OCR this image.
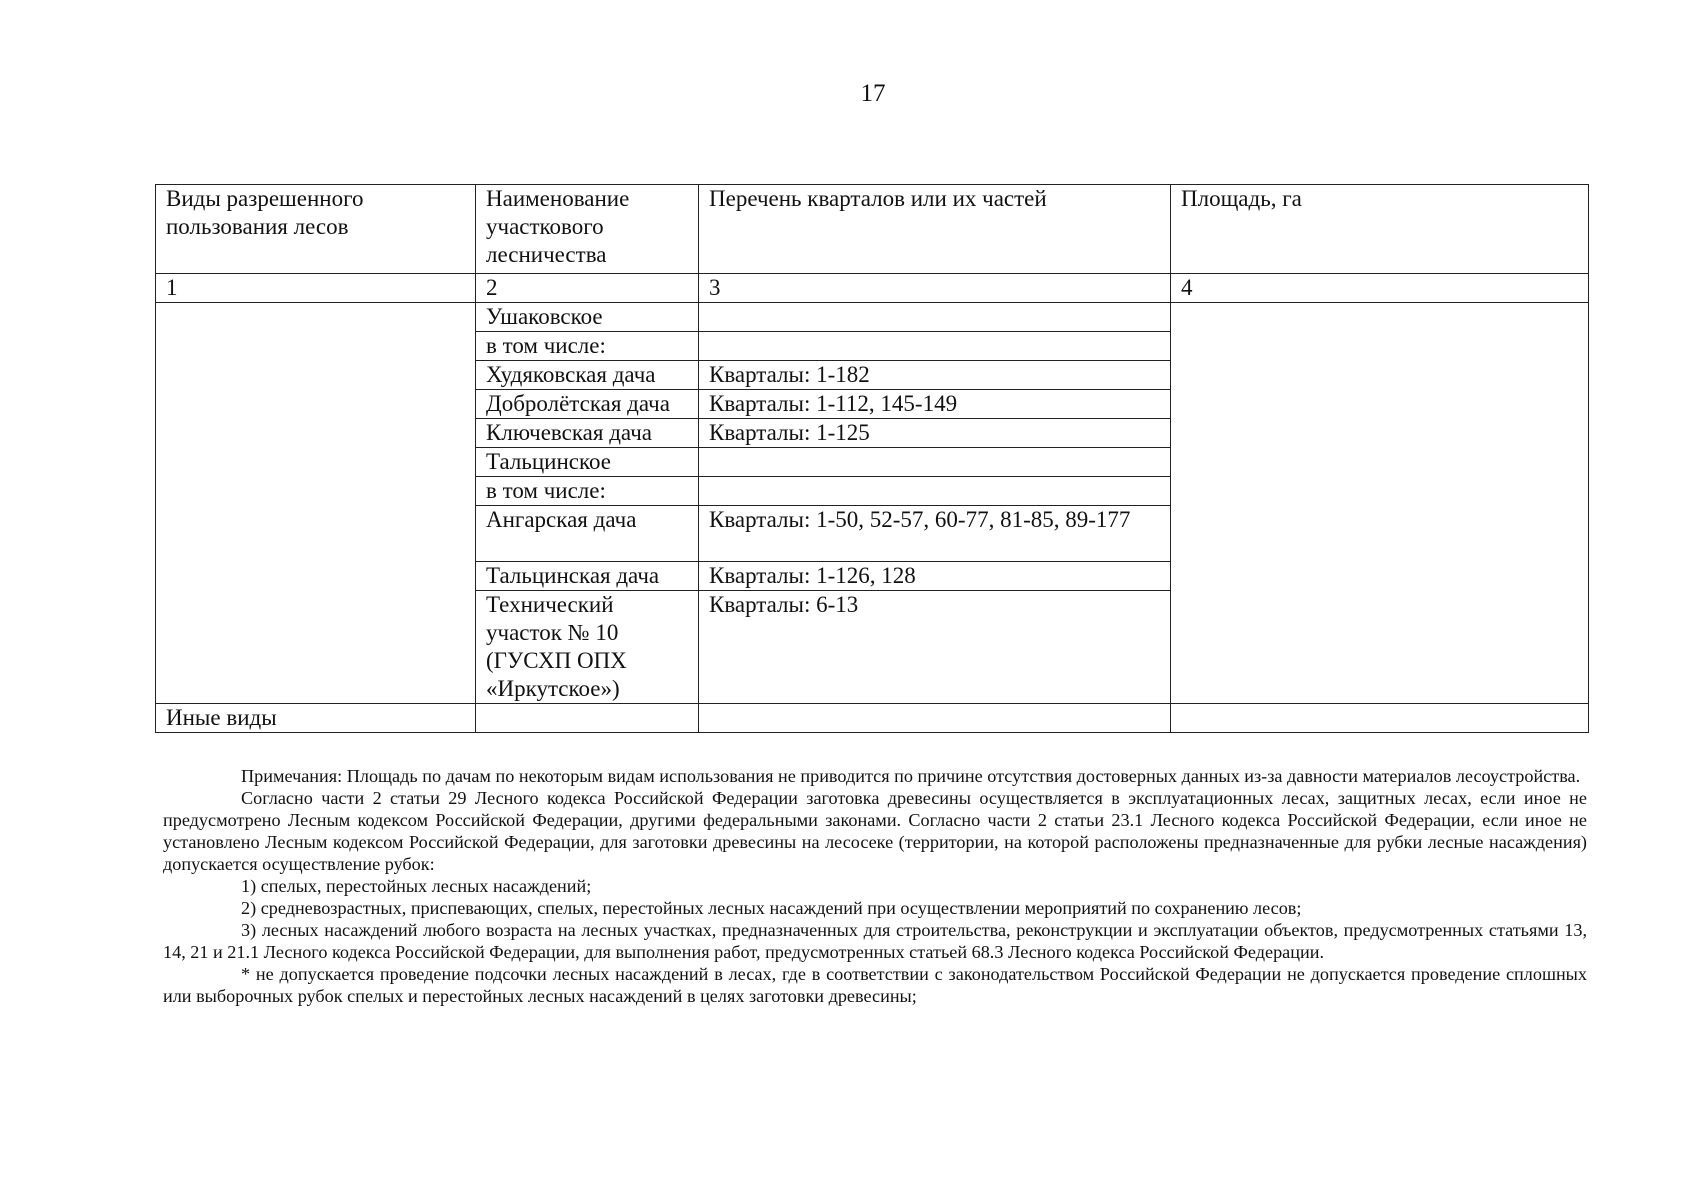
17
Виды разрешенного пользования лесов	Наименование участкового лесничества	Перечень кварталов или их частей	Площадь, га
1	2	3	4
	Ушаковское		
	в том числе:		
	Худяковская дача	Кварталы: 1-182	
	Добролётская дача	Кварталы: 1-112, 145-149	
	Ключевская дача	Кварталы: 1-125	
	Тальцинское		
	в том числе:		
	Ангарская дача	Кварталы: 1-50, 52-57, 60-77, 81-85, 89-177	
	Тальцинская дача	Кварталы: 1-126, 128	
	Технический участок № 10 (ГУСХП ОПХ «Иркутское»)	Кварталы: 6-13	
Иные виды			

Примечания: Площадь по дачам по некоторым видам использования не приводится по причине отсутствия достоверных данных из-за давности материалов лесоустройства.

Согласно части 2 статьи 29 Лесного кодекса Российской Федерации заготовка древесины осуществляется в эксплуатационных лесах, защитных лесах, если иное не предусмотрено Лесным кодексом Российской Федерации, другими федеральными законами. Согласно части 2 статьи 23.1 Лесного кодекса Российской Федерации, если иное не установлено Лесным кодексом Российской Федерации, для заготовки древесины на лесосеке (территории, на которой расположены предназначенные для рубки лесные насаждения) допускается осуществление рубок:

1) спелых, перестойных лесных насаждений;

2) средневозрастных, приспевающих, спелых, перестойных лесных насаждений при осуществлении мероприятий по сохранению лесов;

3) лесных насаждений любого возраста на лесных участках, предназначенных для строительства, реконструкции и эксплуатации объектов, предусмотренных статьями 13, 14, 21 и 21.1 Лесного кодекса Российской Федерации, для выполнения работ, предусмотренных статьей 68.3 Лесного кодекса Российской Федерации.

* не допускается проведение подсочки лесных насаждений в лесах, где в соответствии с законодательством Российской Федерации не допускается проведение сплошных или выборочных рубок спелых и перестойных лесных насаждений в целях заготовки древесины;
